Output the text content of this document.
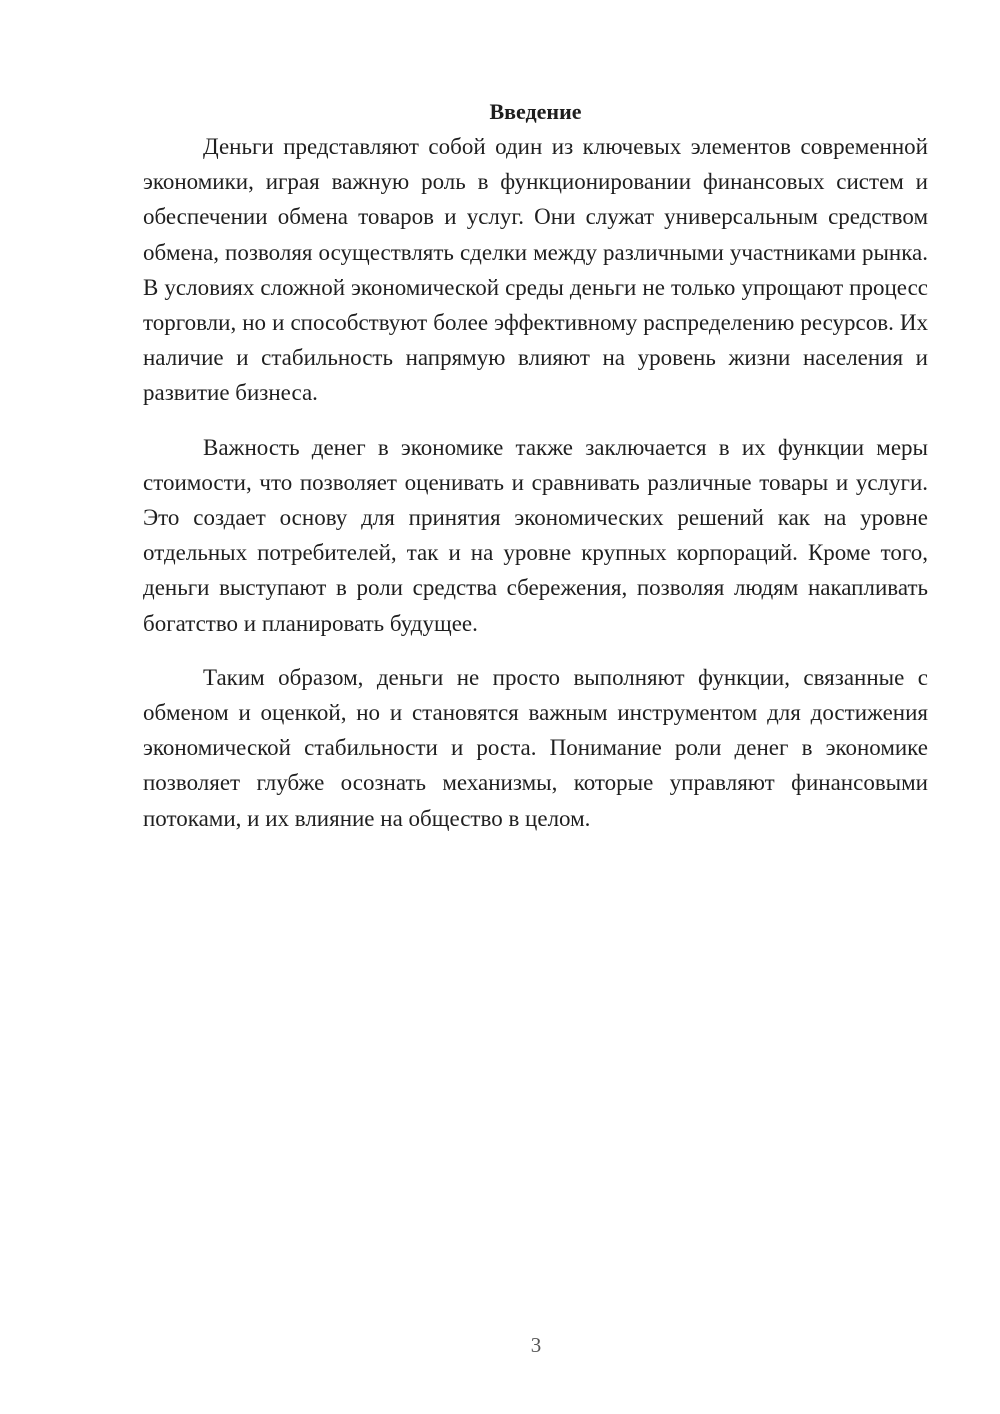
Введение

Деньги представляют собой один из ключевых элементов современной экономики, играя важную роль в функционировании финансовых систем и обеспечении обмена товаров и услуг. Они служат универсальным средством обмена, позволяя осуществлять сделки между различными участниками рынка. В условиях сложной экономической среды деньги не только упрощают процесс торговли, но и способствуют более эффективному распределению ресурсов. Их наличие и стабильность напрямую влияют на уровень жизни населения и развитие бизнеса.

Важность денег в экономике также заключается в их функции меры стоимости, что позволяет оценивать и сравнивать различные товары и услуги. Это создает основу для принятия экономических решений как на уровне отдельных потребителей, так и на уровне крупных корпораций. Кроме того, деньги выступают в роли средства сбережения, позволяя людям накапливать богатство и планировать будущее.

Таким образом, деньги не просто выполняют функции, связанные с обменом и оценкой, но и становятся важным инструментом для достижения экономической стабильности и роста. Понимание роли денег в экономике позволяет глубже осознать механизмы, которые управляют финансовыми потоками, и их влияние на общество в целом.

3
